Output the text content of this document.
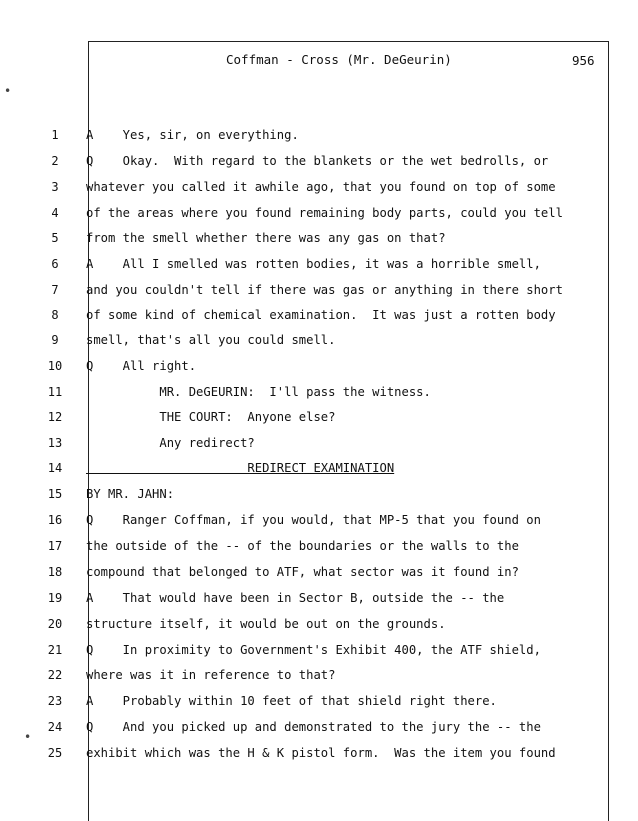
•
•
Coffman - Cross (Mr. DeGeurin)	956
1	A    Yes, sir, on everything.
2	Q    Okay.  With regard to the blankets or the wet bedrolls, or
3	whatever you called it awhile ago, that you found on top of some
4	of the areas where you found remaining body parts, could you tell
5	from the smell whether there was any gas on that?
6	A    All I smelled was rotten bodies, it was a horrible smell,
7	and you couldn't tell if there was gas or anything in there short
8	of some kind of chemical examination.  It was just a rotten body
9	smell, that's all you could smell.
10	Q    All right.
11	MR. DeGEURIN:  I'll pass the witness.
12	THE COURT:  Anyone else?
13	Any redirect?
14	REDIRECT EXAMINATION
15	BY MR. JAHN:
16	Q    Ranger Coffman, if you would, that MP-5 that you found on
17	the outside of the -- of the boundaries or the walls to the
18	compound that belonged to ATF, what sector was it found in?
19	A    That would have been in Sector B, outside the -- the
20	structure itself, it would be out on the grounds.
21	Q    In proximity to Government's Exhibit 400, the ATF shield,
22	where was it in reference to that?
23	A    Probably within 10 feet of that shield right there.
24	Q    And you picked up and demonstrated to the jury the -- the
25	exhibit which was the H & K pistol form.  Was the item you found
